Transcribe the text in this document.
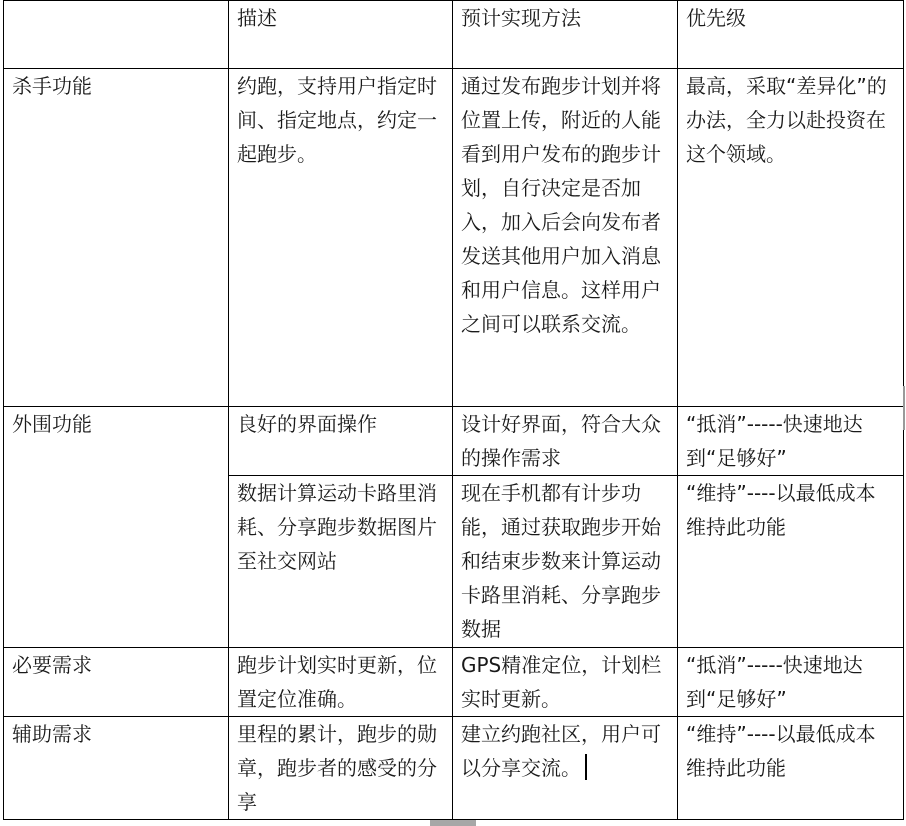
	描述	预计实现方法	优先级
杀手功能	约跑，支持用户指定时间、指定地点，约定一起跑步。	通过发布跑步计划并将位置上传，附近的人能看到用户发布的跑步计划，自行决定是否加入，加入后会向发布者发送其他用户加入消息和用户信息。这样用户之间可以联系交流。	最高，采取“差异化”的办法，全力以赴投资在这个领域。
外围功能	良好的界面操作	设计好界面，符合大众的操作需求	“抵消”-----快速地达到“足够好”
	数据计算运动卡路里消耗、分享跑步数据图片至社交网站	现在手机都有计步功能，通过获取跑步开始和结束步数来计算运动卡路里消耗、分享跑步数据	“维持”----以最低成本维持此功能
必要需求	跑步计划实时更新，位置定位准确。	GPS精准定位，计划栏实时更新。	“抵消”-----快速地达到“足够好”
辅助需求	里程的累计，跑步的勋章，跑步者的感受的分享	建立约跑社区，用户可以分享交流。	“维持”----以最低成本维持此功能
